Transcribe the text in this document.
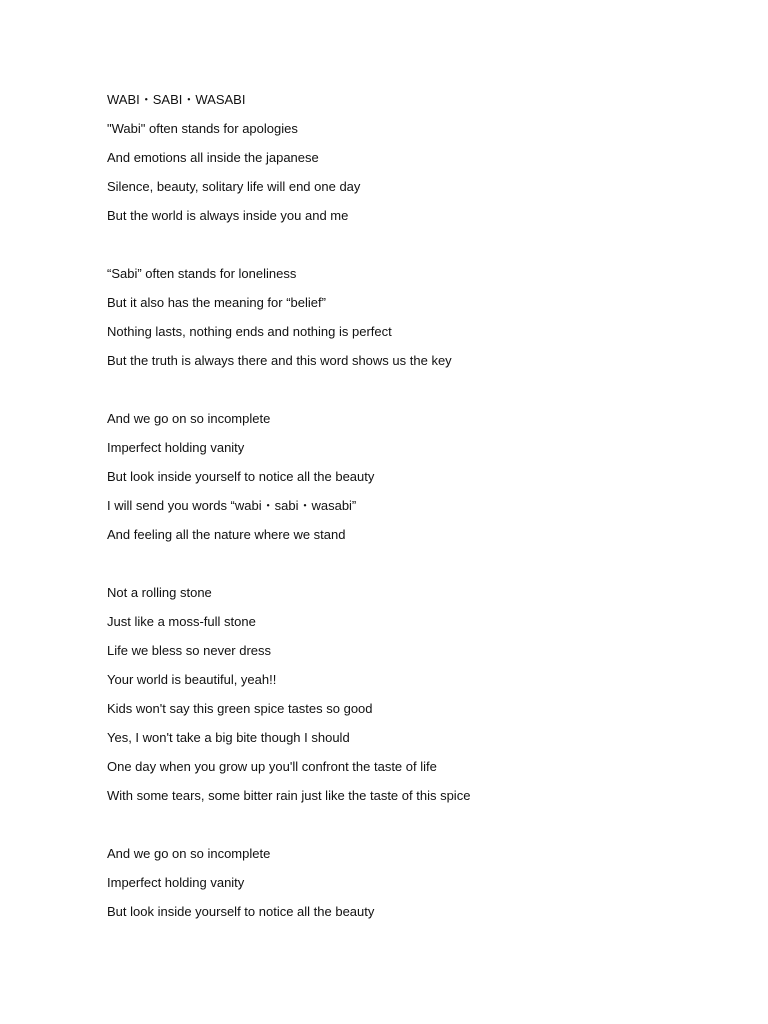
WABI・SABI・WASABI
"Wabi" often stands for apologies
And emotions all inside the japanese
Silence, beauty, solitary life will end one day
But the world is always inside you and me
“Sabi” often stands for loneliness
But it also has the meaning for “belief”
Nothing lasts, nothing ends and nothing is perfect
But the truth is always there and this word shows us the key
And we go on so incomplete
Imperfect holding vanity
But look inside yourself to notice all the beauty
I will send you words “wabi・sabi・wasabi”
And feeling all the nature where we stand
Not a rolling stone
Just like a moss-full stone
Life we bless so never dress
Your world is beautiful, yeah!!
Kids won't say this green spice tastes so good
Yes, I won't take a big bite though I should
One day when you grow up you'll confront the taste of life
With some tears, some bitter rain just like the taste of this spice
And we go on so incomplete
Imperfect holding vanity
But look inside yourself to notice all the beauty
